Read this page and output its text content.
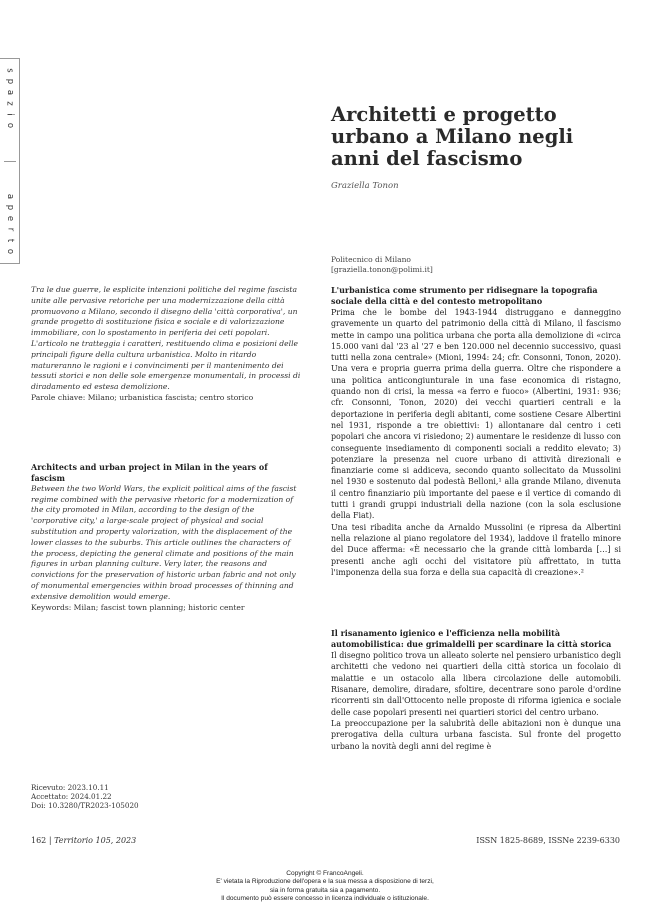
s
p
a
z
i
o
a
p
e
r
t
o
Architetti e progetto urbano a Milano negli anni del fascismo
Graziella Tonon
Politecnico di Milano
[graziella.tonon@polimi.it]

Tra le due guerre, le esplicite intenzioni politiche del regime fascista unite alle pervasive retoriche per una modernizzazione della città promuovono a Milano, secondo il disegno della 'città corporativa', un grande progetto di sostituzione fisica e sociale e di valorizzazione immobiliare, con lo spostamento in periferia dei ceti popolari. L'articolo ne tratteggia i caratteri, restituendo clima e posizioni delle principali figure della cultura urbanistica. Molto in ritardo matureranno le ragioni e i convincimenti per il mantenimento dei tessuti storici e non delle sole emergenze monumentali, in processi di diradamento ed estesa demolizione.

Parole chiave: Milano; urbanistica fascista; centro storico

Architects and urban project in Milan in the years of fascism

Between the two World Wars, the explicit political aims of the fascist regime combined with the pervasive rhetoric for a modernization of the city promoted in Milan, according to the design of the 'corporative city,' a large-scale project of physical and social substitution and property valorization, with the displacement of the lower classes to the suburbs. This article outlines the characters of the process, depicting the general climate and positions of the main figures in urban planning culture. Very later, the reasons and convictions for the preservation of historic urban fabric and not only of monumental emergencies within broad processes of thinning and extensive demolition would emerge.

Keywords: Milan; fascist town planning; historic center

Ricevuto: 2023.10.11
Accettato: 2024.01.22
Doi: 10.3280/TR2023-105020
L'urbanistica come strumento per ridisegnare la topografia sociale della città e del contesto metropolitano

Prima che le bombe del 1943-1944 distruggano e danneggino gravemente un quarto del patrimonio della città di Milano, il fascismo mette in campo una politica urbana che porta alla demolizione di «circa 15.000 vani dal '23 al '27 e ben 120.000 nel decennio successivo, quasi tutti nella zona centrale» (Mioni, 1994: 24; cfr. Consonni, Tonon, 2020). Una vera e propria guerra prima della guerra. Oltre che rispondere a una politica anticongiunturale in una fase economica di ristagno, quando non di crisi, la messa «a ferro e fuoco» (Albertini, 1931: 936; cfr. Consonni, Tonon, 2020) dei vecchi quartieri centrali e la deportazione in periferia degli abitanti, come sostiene Cesare Albertini nel 1931, risponde a tre obiettivi: 1) allontanare dal centro i ceti popolari che ancora vi risiedono; 2) aumentare le residenze di lusso con conseguente insediamento di componenti sociali a reddito elevato; 3) potenziare la presenza nel cuore urbano di attività direzionali e finanziarie come si addiceva, secondo quanto sollecitato da Mussolini nel 1930 e sostenuto dal podestà Belloni,¹ alla grande Milano, divenuta il centro finanziario più importante del paese e il vertice di comando di tutti i grandi gruppi industriali della nazione (con la sola esclusione della Fiat).

Una tesi ribadita anche da Arnaldo Mussolini (e ripresa da Albertini nella relazione al piano regolatore del 1934), laddove il fratello minore del Duce afferma: «È necessario che la grande città lombarda […] si presenti anche agli occhi del visitatore più affrettato, in tutta l'imponenza della sua forza e della sua capacità di creazione».²

Il risanamento igienico e l'efficienza nella mobilità automobilistica: due grimaldelli per scardinare la città storica

Il disegno politico trova un alleato solerte nel pensiero urbanistico degli architetti che vedono nei quartieri della città storica un focolaio di malattie e un ostacolo alla libera circolazione delle automobili. Risanare, demolire, diradare, sfoltire, decentrare sono parole d'ordine ricorrenti sin dall'Ottocento nelle proposte di riforma igienica e sociale delle case popolari presenti nei quartieri storici del centro urbano.

La preoccupazione per la salubrità delle abitazioni non è dunque una prerogativa della cultura urbana fascista. Sul fronte del progetto urbano la novità degli anni del regime è

162 | Territorio 105, 2023	ISSN 1825-8689, ISSNe 2239-6330
Copyright © FrancoAngeli.
E' vietata la Riproduzione dell'opera e la sua messa a disposizione di terzi,
sia in forma gratuita sia a pagamento.
Il documento può essere concesso in licenza individuale o istituzionale.
